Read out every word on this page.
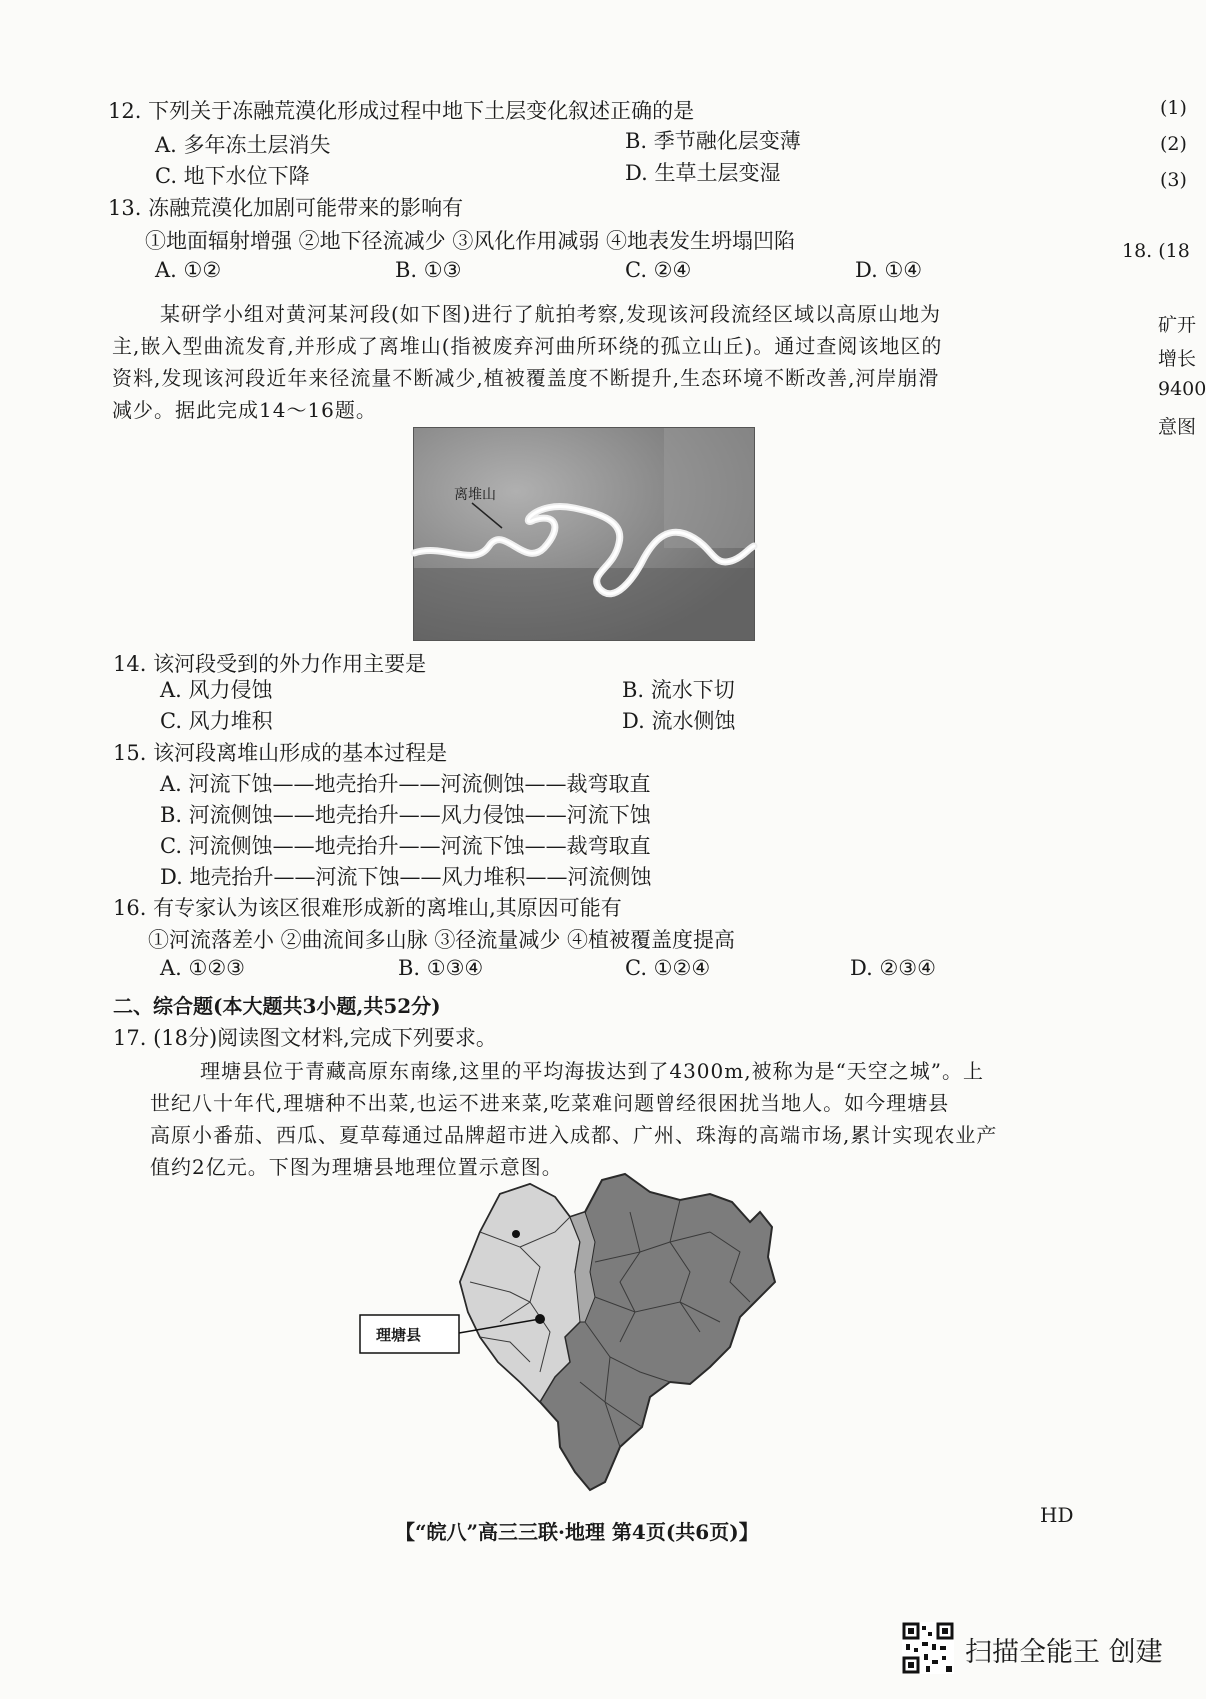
12. 下列关于冻融荒漠化形成过程中地下土层变化叙述正确的是
A. 多年冻土层消失	B. 季节融化层变薄
C. 地下水位下降	D. 生草土层变湿
13. 冻融荒漠化加剧可能带来的影响有
①地面辐射增强 ②地下径流减少 ③风化作用减弱 ④地表发生坍塌凹陷
A. ①②	B. ①③	C. ②④	D. ①④
某研学小组对黄河某河段(如下图)进行了航拍考察,发现该河段流经区域以高原山地为
主,嵌入型曲流发育,并形成了离堆山(指被废弃河曲所环绕的孤立山丘)。通过查阅该地区的
资料,发现该河段近年来径流量不断减少,植被覆盖度不断提升,生态环境不断改善,河岸崩滑
减少。据此完成14～16题。
离堆山
14. 该河段受到的外力作用主要是
A. 风力侵蚀	B. 流水下切
C. 风力堆积	D. 流水侧蚀
15. 该河段离堆山形成的基本过程是
A. 河流下蚀——地壳抬升——河流侧蚀——裁弯取直
B. 河流侧蚀——地壳抬升——风力侵蚀——河流下蚀
C. 河流侧蚀——地壳抬升——河流下蚀——裁弯取直
D. 地壳抬升——河流下蚀——风力堆积——河流侧蚀
16. 有专家认为该区很难形成新的离堆山,其原因可能有
①河流落差小 ②曲流间多山脉 ③径流量减少 ④植被覆盖度提高
A. ①②③	B. ①③④	C. ①②④	D. ②③④
二、综合题(本大题共3小题,共52分)
17. (18分)阅读图文材料,完成下列要求。
理塘县位于青藏高原东南缘,这里的平均海拔达到了4300m,被称为是“天空之城”。上
世纪八十年代,理塘种不出菜,也运不进来菜,吃菜难问题曾经很困扰当地人。如今理塘县
高原小番茄、西瓜、夏草莓通过品牌超市进入成都、广州、珠海的高端市场,累计实现农业产
值约2亿元。下图为理塘县地理位置示意图。
理塘县
(1)
(2)
(3)
18. (18
矿开
增长
9400
意图
【“皖八”高三三联·地理 第4页(共6页)】
HD
扫描全能王 创建
